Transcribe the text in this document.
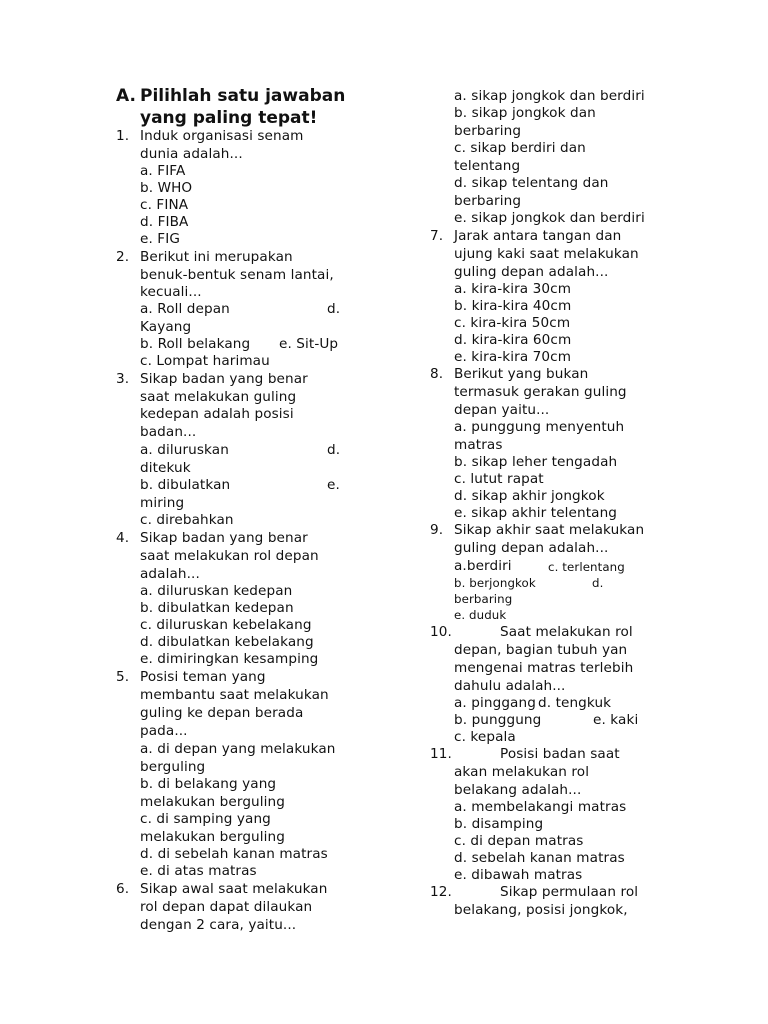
A. Pilihlah satu jawaban
yang paling tepat!
1. Induk organisasi senam
dunia adalah...
a. FIFA
b. WHO
c. FINA
d. FIBA
e. FIG
2. Berikut ini merupakan
benuk-bentuk senam lantai,
kecuali...
a. Roll depan	d.
Kayang
b. Roll belakang e. Sit-Up
c. Lompat harimau
3. Sikap badan yang benar
saat melakukan guling
kedepan adalah posisi
badan...
a. diluruskan	d.
ditekuk
b. dibulatkan	e.
miring
c. direbahkan
4. Sikap badan yang benar
saat melakukan rol depan
adalah...
a. diluruskan kedepan
b. dibulatkan kedepan
c. diluruskan kebelakang
d. dibulatkan kebelakang
e. dimiringkan kesamping
5. Posisi teman yang
membantu saat melakukan
guling ke depan berada
pada...
a. di depan yang melakukan
berguling
b. di belakang yang
melakukan berguling
c. di samping yang
melakukan berguling
d. di sebelah kanan matras
e. di atas matras
6. Sikap awal saat melakukan
rol depan dapat dilaukan
dengan 2 cara, yaitu...
a. sikap jongkok dan berdiri
b. sikap jongkok dan
berbaring
c. sikap berdiri dan
telentang
d. sikap telentang dan
berbaring
e. sikap jongkok dan berdiri
7. Jarak antara tangan dan
ujung kaki saat melakukan
guling depan adalah...
a. kira-kira 30cm
b. kira-kira 40cm
c. kira-kira 50cm
d. kira-kira 60cm
e. kira-kira 70cm
8. Berikut yang bukan
termasuk gerakan guling
depan yaitu...
a. punggung menyentuh
matras
b. sikap leher tengadah
c. lutut rapat
d. sikap akhir jongkok
e. sikap akhir telentang
9. Sikap akhir saat melakukan
guling depan adalah...
a.berdiri	c. terlentang
b. berjongkok	d.
berbaring
e. duduk
10.	Saat melakukan rol
depan, bagian tubuh yan
mengenai matras terlebih
dahulu adalah...
a. pinggang d. tengkuk
b. punggung	e. kaki
c. kepala
11.	Posisi badan saat
akan melakukan rol
belakang adalah...
a. membelakangi matras
b. disamping
c. di depan matras
d. sebelah kanan matras
e. dibawah matras
12.	Sikap permulaan rol
belakang, posisi jongkok,
